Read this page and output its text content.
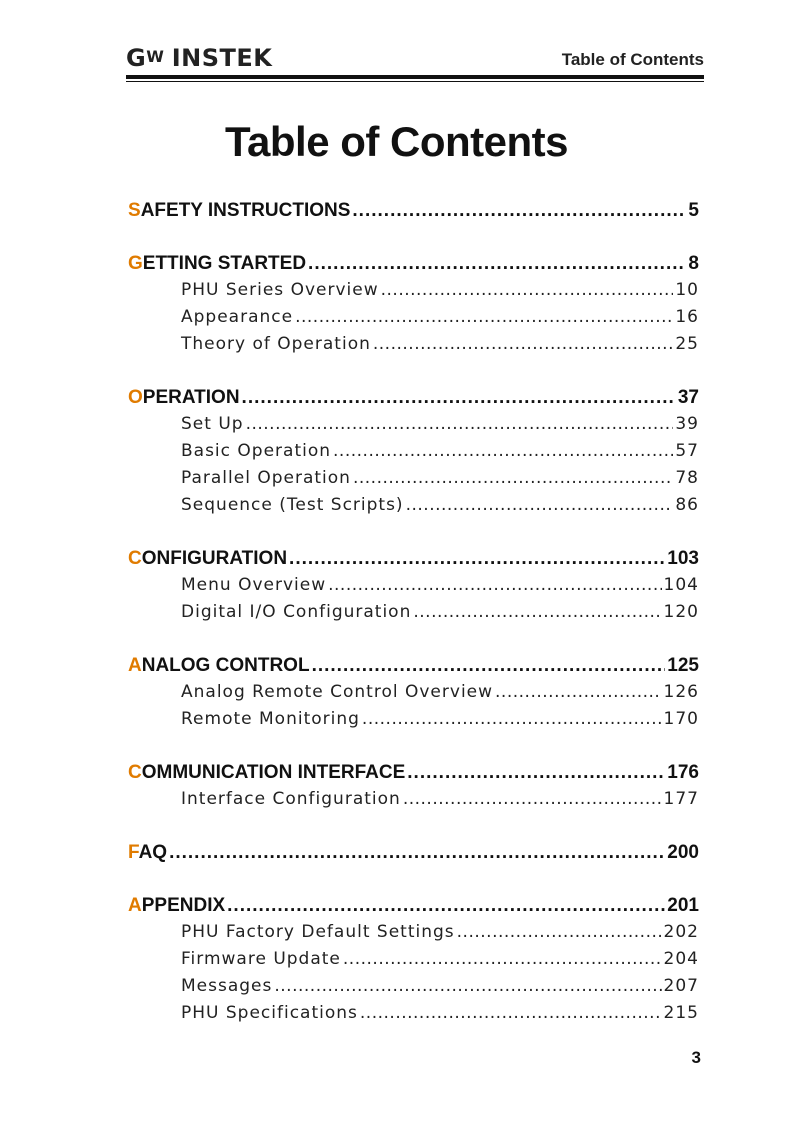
GW INSTEK	Table of Contents
Table of Contents
SAFETY INSTRUCTIONS .....	5
GETTING STARTED .....	8
PHU Series Overview .....	10
Appearance .....	16
Theory of Operation .....	25
OPERATION .....	37
Set Up .....	39
Basic Operation .....	57
Parallel Operation .....	78
Sequence (Test Scripts) .....	86
CONFIGURATION .....	103
Menu Overview .....	104
Digital I/O Configuration .....	120
ANALOG CONTROL .....	125
Analog Remote Control Overview .....	126
Remote Monitoring .....	170
COMMUNICATION INTERFACE .....	176
Interface Configuration .....	177
FAQ .....	200
APPENDIX .....	201
PHU Factory Default Settings .....	202
Firmware Update .....	204
Messages .....	207
PHU Specifications .....	215
3
